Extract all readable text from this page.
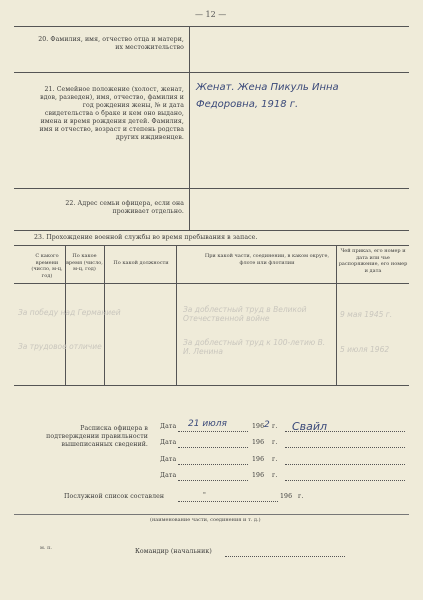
— 12 —
20. Фамилия, имя, отчество отца и матери, их местожительство
21. Семейное положение (холост, женат, вдов, разведен), имя, отчество, фамилия и год рождения жены, № и дата свидетельства о браке и кем оно выдано, имена и время рождения детей. Фамилия, имя и отчество, возраст и степень родства других иждивенцев.
Женат. Жена Пикуль Инна
Федоровна, 1918 г.
22. Адрес семьи офицера, если она проживает отдельно.
23. Прохождение военной службы во время пребывания в запасе.
С какого времени (число, м-ц, год)
По какое время (число, м-ц, год)
По какой должности
При какой части, соединении, в каком округе, флоте или флотилии
Чей приказ, его номер и дата или чье распоряжение, его номер и дата
За победу над Германией	За доблестный труд в Великой Отечественной войне	9 мая 1945 г.
За трудовое отличие	За доблестный труд к 100-летию В. И. Ленина	5 июля 1962
Расписка офицера в подтверждении правильности вышеписанных сведений.
Дата 21 июля	196 2 г. Свайл
Дата	196 г.
Дата	196 г.
Дата	196 г.
Послужной список составлен	"	196 г.
(наименование части, соединения и т. д.)
м. п.	Командир (начальник)
